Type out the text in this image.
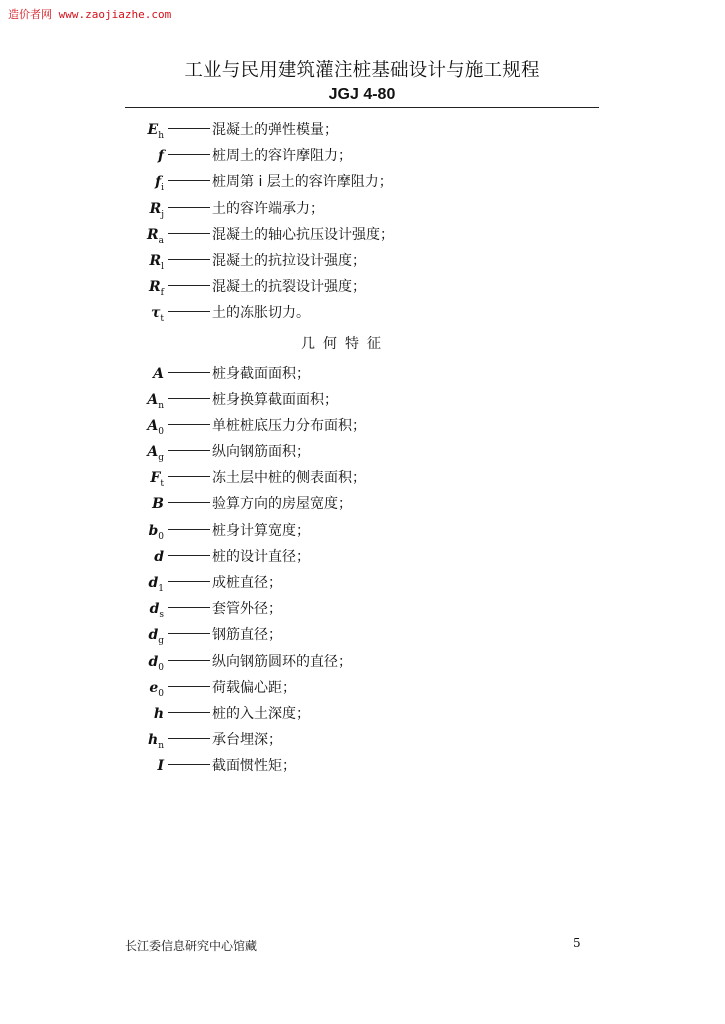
造价者网 www.zaojiazhe.com
工业与民用建筑灌注桩基础设计与施工规程
JGJ 4-80
$E_h$	混凝土的弹性模量；
f	桩周土的容许摩阻力；
$f_i$	桩周第 i 层土的容许摩阻力；
$R_j$	土的容许端承力；
$R_a$	混凝土的轴心抗压设计强度；
$R_l$	混凝土的抗拉设计强度；
$R_f$	混凝土的抗裂设计强度；
$\tau_t$	土的冻胀切力。
几何特征
A	桩身截面面积；
$A_n$	桩身换算截面面积；
$A_0$	单桩桩底压力分布面积；
$A_g$	纵向钢筋面积；
$F_t$	冻土层中桩的侧表面积；
B	验算方向的房屋宽度；
$b_0$	桩身计算宽度；
d	桩的设计直径；
$d_1$	成桩直径；
$d_s$	套管外径；
$d_g$	钢筋直径；
$d_0$	纵向钢筋圆环的直径；
$e_0$	荷载偏心距；
h	桩的入土深度；
$h_n$	承台埋深；
I	截面惯性矩；
长江委信息研究中心馆藏	5
